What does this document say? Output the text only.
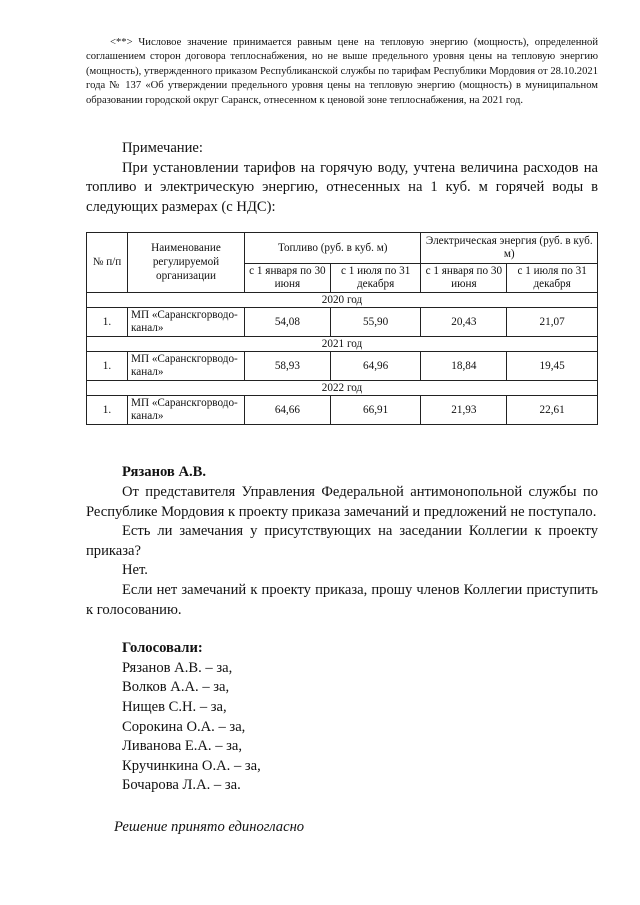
<**> Числовое значение принимается равным цене на тепловую энергию (мощность), определенной соглашением сторон договора теплоснабжения, но не выше предельного уровня цены на тепловую энергию (мощность), утвержденного приказом Республиканской службы по тарифам Республики Мордовия от 28.10.2021 года № 137 «Об утверждении предельного уровня цены на тепловую энергию (мощность) в муниципальном образовании городской округ Саранск, отнесенном к ценовой зоне теплоснабжения, на 2021 год.

Примечание:

При установлении тарифов на горячую воду, учтена величина расходов на топливо и электрическую энергию, отнесенных на 1 куб. м горячей воды в следующих размерах (с НДС):

№ п/п	Наименование регулируемой организации	Топливо (руб. в куб. м)		Электрическая энергия (руб. в куб. м)	
		с 1 января по 30 июня	с 1 июля по 31 декабря	с 1 января по 30 июня	с 1 июля по 31 декабря
2020 год					
1.	МП «Саранскгорводо-канал»	54,08	55,90	20,43	21,07
2021 год					
1.	МП «Саранскгорводо-канал»	58,93	64,96	18,84	19,45
2022 год					
1.	МП «Саранскгорводо-канал»	64,66	66,91	21,93	22,61

Рязанов А.В.

От представителя Управления Федеральной антимонопольной службы по Республике Мордовия к проекту приказа замечаний и предложений не поступало.

Есть ли замечания у присутствующих на заседании Коллегии к проекту приказа?

Нет.

Если нет замечаний к проекту приказа, прошу членов Коллегии приступить к голосованию.

Голосовали:

Рязанов А.В. – за,
Волков А.А. – за,
Нищев С.Н. – за,
Сорокина О.А. – за,
Ливанова Е.А. – за,
Кручинкина О.А. – за,
Бочарова Л.А. – за.

Решение принято единогласно
